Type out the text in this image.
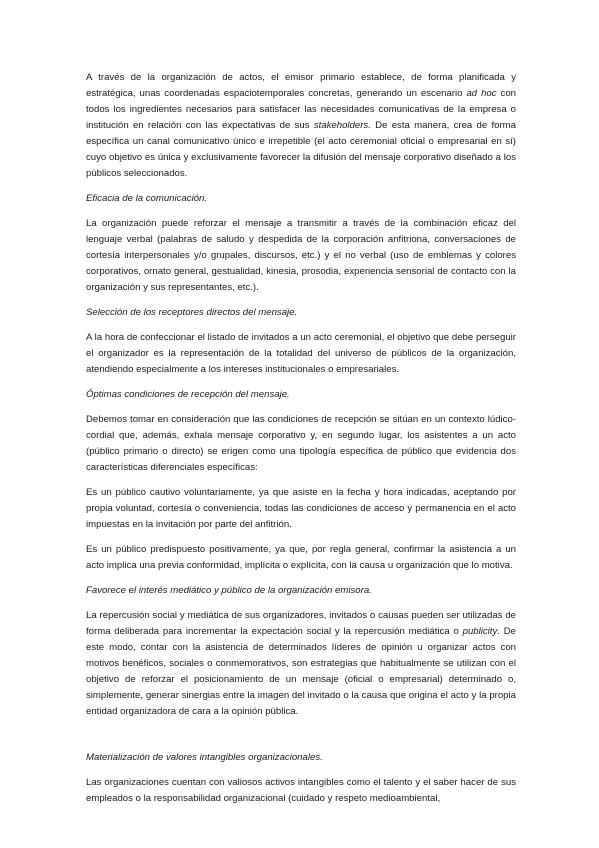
A través de la organización de actos, el emisor primario establece, de forma planificada y estratégica, unas coordenadas espaciotemporales concretas, generando un escenario ad hoc con todos los ingredientes necesarios para satisfacer las necesidades comunicativas de la empresa o institución en relación con las expectativas de sus stakeholders. De esta manera, crea de forma específica un canal comunicativo único e irrepetible (el acto ceremonial oficial o empresarial en sí) cuyo objetivo es única y exclusivamente favorecer la difusión del mensaje corporativo diseñado a los públicos seleccionados.

Eficacia de la comunicación.

La organización puede reforzar el mensaje a transmitir a través de la combinación eficaz del lenguaje verbal (palabras de saludo y despedida de la corporación anfitriona, conversaciones de cortesía interpersonales y/o grupales, discursos, etc.) y el no verbal (uso de emblemas y colores corporativos, ornato general, gestualidad, kinesia, prosodia, experiencia sensorial de contacto con la organización y sus representantes, etc.).

Selección de los receptores directos del mensaje.

A la hora de confeccionar el listado de invitados a un acto ceremonial, el objetivo que debe perseguir el organizador es la representación de la totalidad del universo de públicos de la organización, atendiendo especialmente a los intereses institucionales o empresariales.

Óptimas condiciones de recepción del mensaje.

Debemos tomar en consideración que las condiciones de recepción se sitúan en un contexto lúdico-cordial que, además, exhala mensaje corporativo y, en segundo lugar, los asistentes a un acto (público primario o directo) se erigen como una tipología específica de público que evidencia dos características diferenciales específicas:

Es un público cautivo voluntariamente, ya que asiste en la fecha y hora indicadas, aceptando por propia voluntad, cortesía o conveniencia, todas las condiciones de acceso y permanencia en el acto impuestas en la invitación por parte del anfitrión.

Es un público predispuesto positivamente, ya que, por regla general, confirmar la asistencia a un acto implica una previa conformidad, implícita o explícita, con la causa u organización que lo motiva.

Favorece el interés mediático y público de la organización emisora.

La repercusión social y mediática de sus organizadores, invitados o causas pueden ser utilizadas de forma deliberada para incrementar la expectación social y la repercusión mediática o publicity. De este modo, contar con la asistencia de determinados líderes de opinión u organizar actos con motivos benéficos, sociales o conmemorativos, son estrategias que habitualmente se utilizan con el objetivo de reforzar el posicionamiento de un mensaje (oficial o empresarial) determinado o, simplemente, generar sinergias entre la imagen del invitado o la causa que origina el acto y la propia entidad organizadora de cara a la opinión pública.

Materialización de valores intangibles organizacionales.

Las organizaciones cuentan con valiosos activos intangibles como el talento y el saber hacer de sus empleados o la responsabilidad organizacional (cuidado y respeto medioambiental,
